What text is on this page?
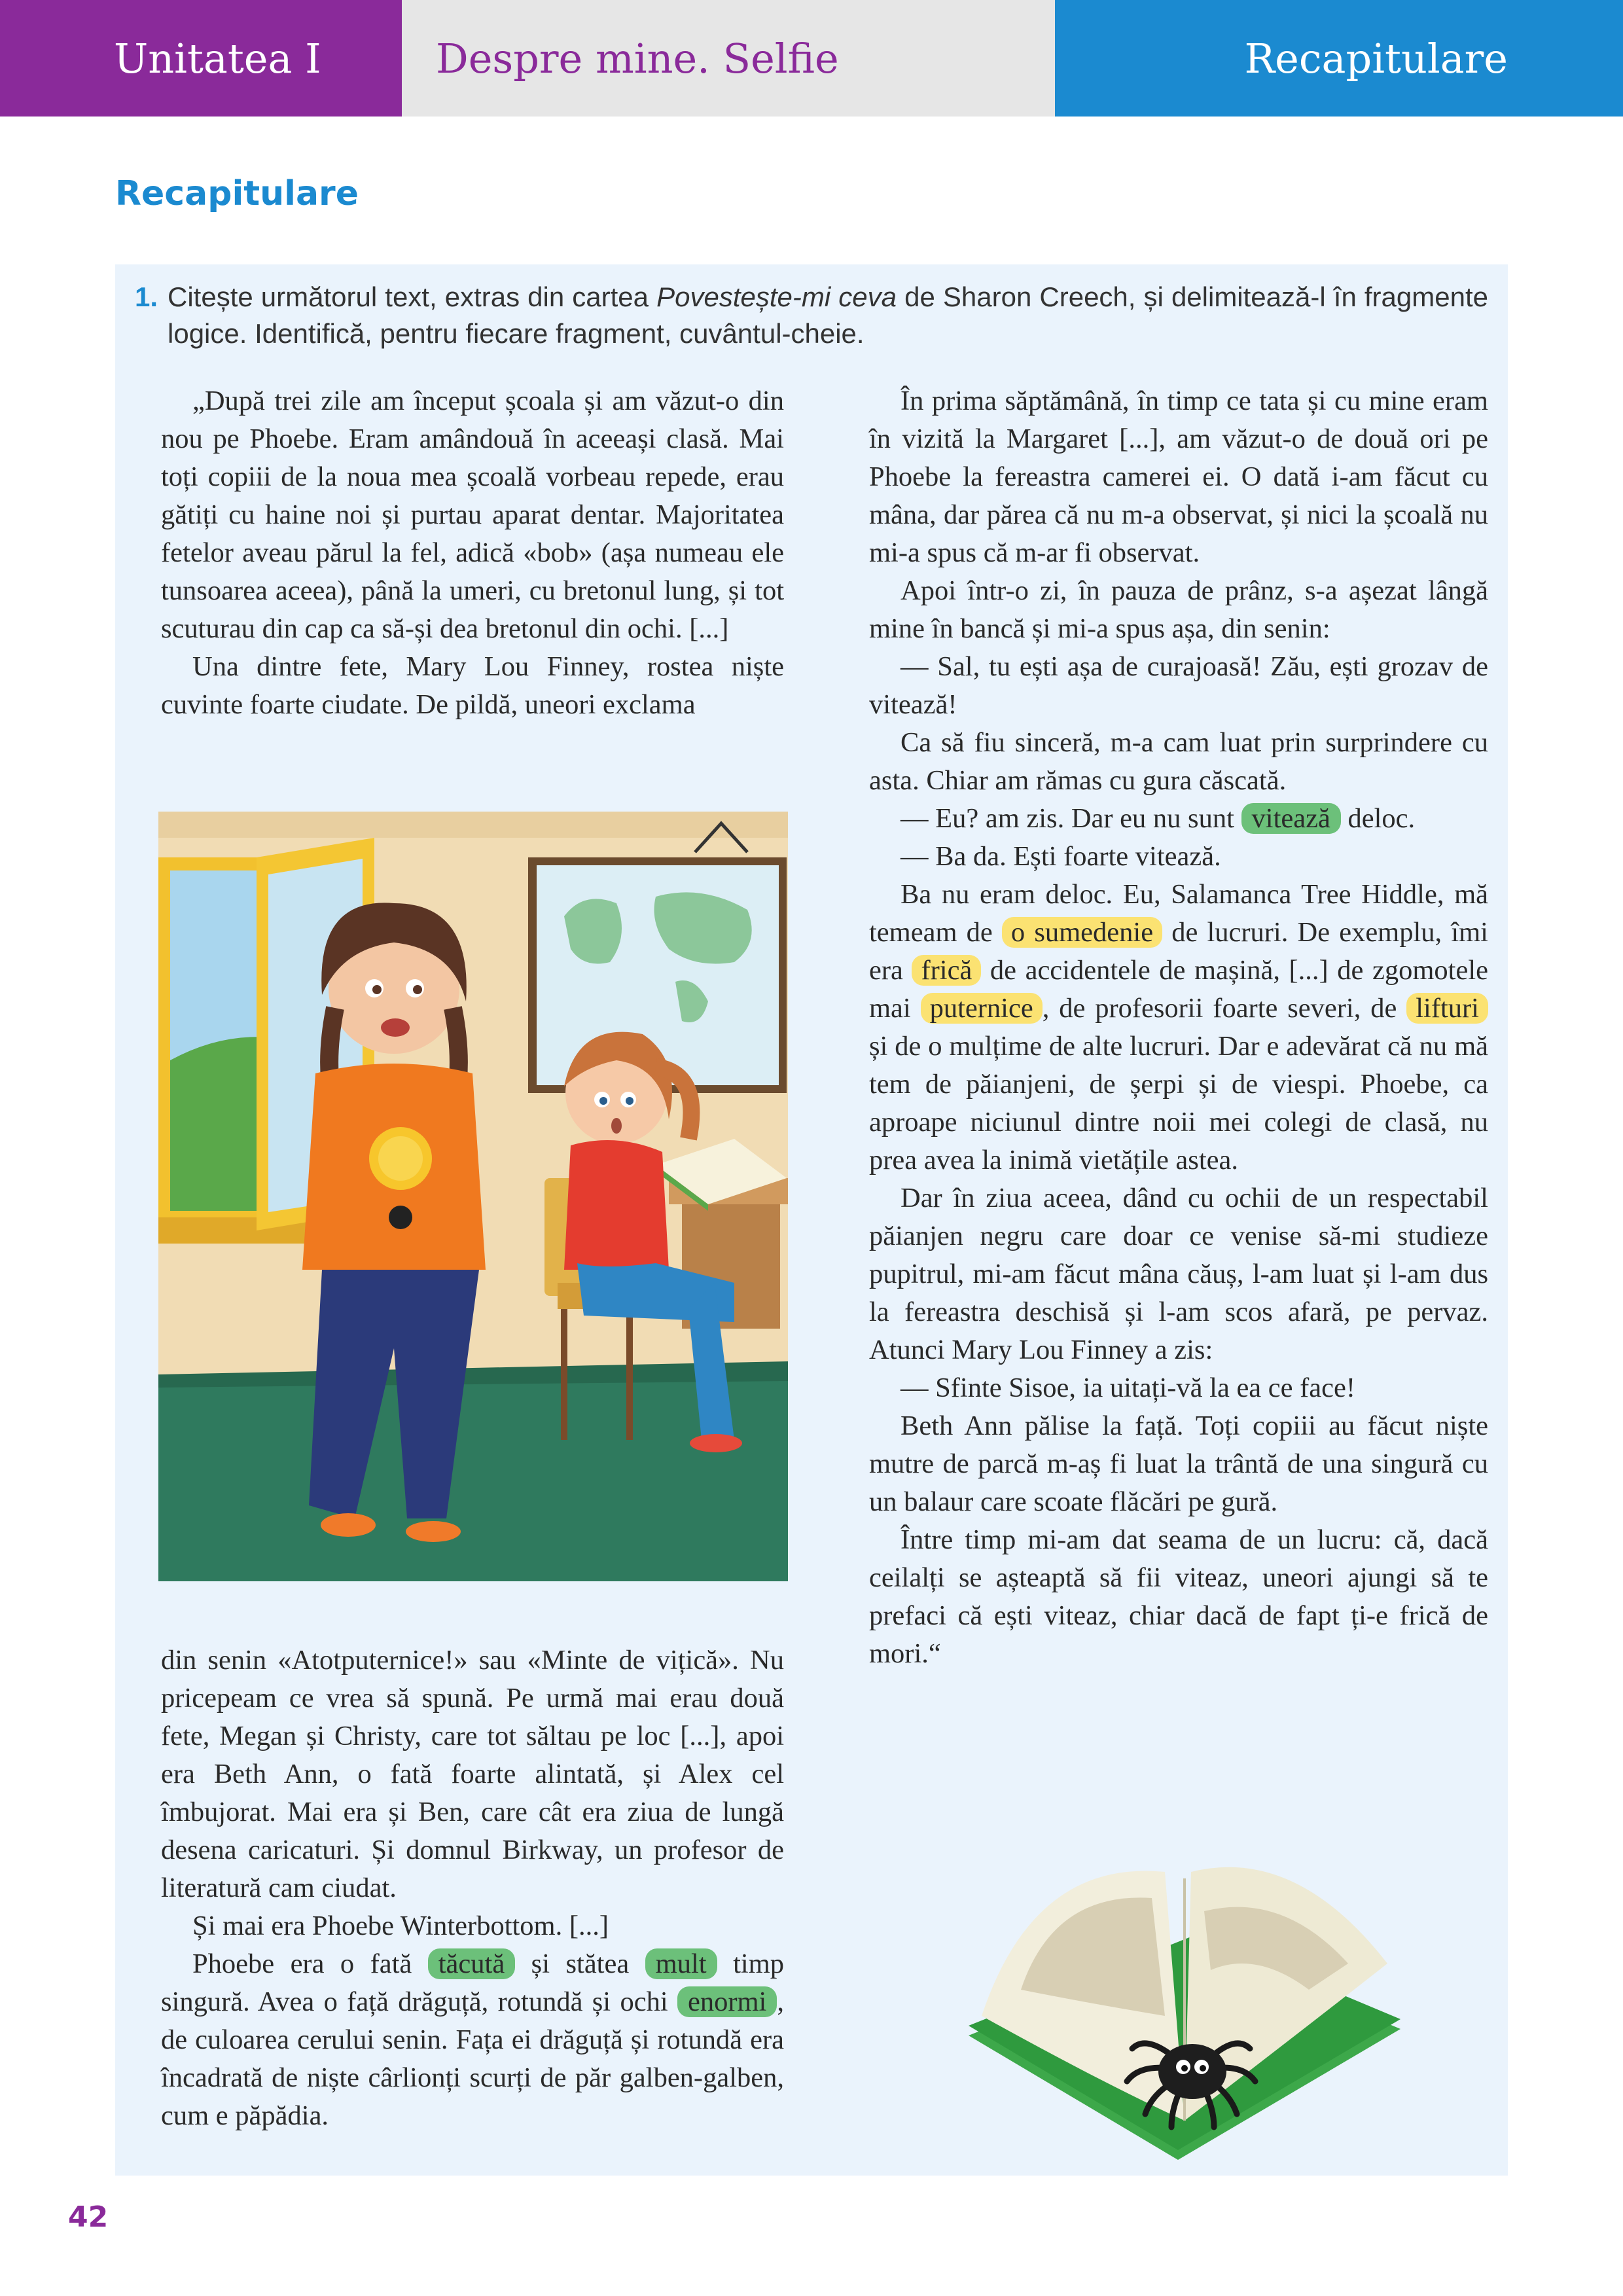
Unitatea I	Despre mine. Selfie	Recapitulare
Recapitulare
1. Citește următorul text, extras din cartea Povestește-mi ceva de Sharon Creech, și delimitează-l în fragmente logice. Identifică, pentru fiecare fragment, cuvântul-cheie.

„După trei zile am început școala și am văzut-o din nou pe Phoebe. Eram amândouă în aceeași clasă. Mai toți copiii de la noua mea școală vorbeau repede, erau gătiți cu haine noi și purtau aparat dentar. Majoritatea fetelor aveau părul la fel, adică «bob» (așa numeau ele tunsoarea aceea), până la umeri, cu bretonul lung, și tot scuturau din cap ca să-și dea bretonul din ochi. [...]

Una dintre fete, Mary Lou Finney, rostea niște cuvinte foarte ciudate. De pildă, uneori exclama

din senin «Atotputernice!» sau «Minte de vițică». Nu pricepeam ce vrea să spună. Pe urmă mai erau două fete, Megan și Christy, care tot săltau pe loc [...], apoi era Beth Ann, o fată foarte alintată, și Alex cel îmbujorat. Mai era și Ben, care cât era ziua de lungă desena caricaturi. Și domnul Birkway, un profesor de literatură cam ciudat.

Și mai era Phoebe Winterbottom. [...]

Phoebe era o fată tăcută și stătea mult timp singură. Avea o față drăguță, rotundă și ochi enormi , de culoarea cerului senin. Fața ei drăguță și rotundă era încadrată de niște cârlionți scurți de păr galben-galben, cum e păpădia.

În prima săptămână, în timp ce tata și cu mine eram în vizită la Margaret [...], am văzut-o de două ori pe Phoebe la fereastra camerei ei. O dată i-am făcut cu mâna, dar părea că nu m-a observat, și nici la școală nu mi-a spus că m-ar fi observat.

Apoi într-o zi, în pauza de prânz, s-a așezat lângă mine în bancă și mi-a spus așa, din senin:

— Sal, tu ești așa de curajoasă! Zău, ești grozav de vitează!

Ca să fiu sinceră, m-a cam luat prin surprindere cu asta. Chiar am rămas cu gura căscată.

— Eu? am zis. Dar eu nu sunt vitează deloc.

— Ba da. Ești foarte vitează.

Ba nu eram deloc. Eu, Salamanca Tree Hiddle, mă temeam de o sumedenie de lucruri. De exemplu, îmi era frică de accidentele de mașină, [...] de zgomotele mai puternice , de profesorii foarte severi, de lifturi și de o mulțime de alte lucruri. Dar e adevărat că nu mă tem de păianjeni, de șerpi și de viespi. Phoebe, ca aproape niciunul dintre noii mei colegi de clasă, nu prea avea la inimă vietățile astea.

Dar în ziua aceea, dând cu ochii de un respectabil păianjen negru care doar ce venise să-mi studieze pupitrul, mi-am făcut mâna căuș, l-am luat și l-am dus la fereastra deschisă și l-am scos afară, pe pervaz. Atunci Mary Lou Finney a zis:

— Sfinte Sisoe, ia uitați-vă la ea ce face!

Beth Ann pălise la față. Toți copiii au făcut niște mutre de parcă m-aș fi luat la trântă de una singură cu un balaur care scoate flăcări pe gură.

Între timp mi-am dat seama de un lucru: că, dacă ceilalți se așteaptă să fii viteaz, uneori ajungi să te prefaci că ești viteaz, chiar dacă de fapt ți-e frică de mori.“

42
